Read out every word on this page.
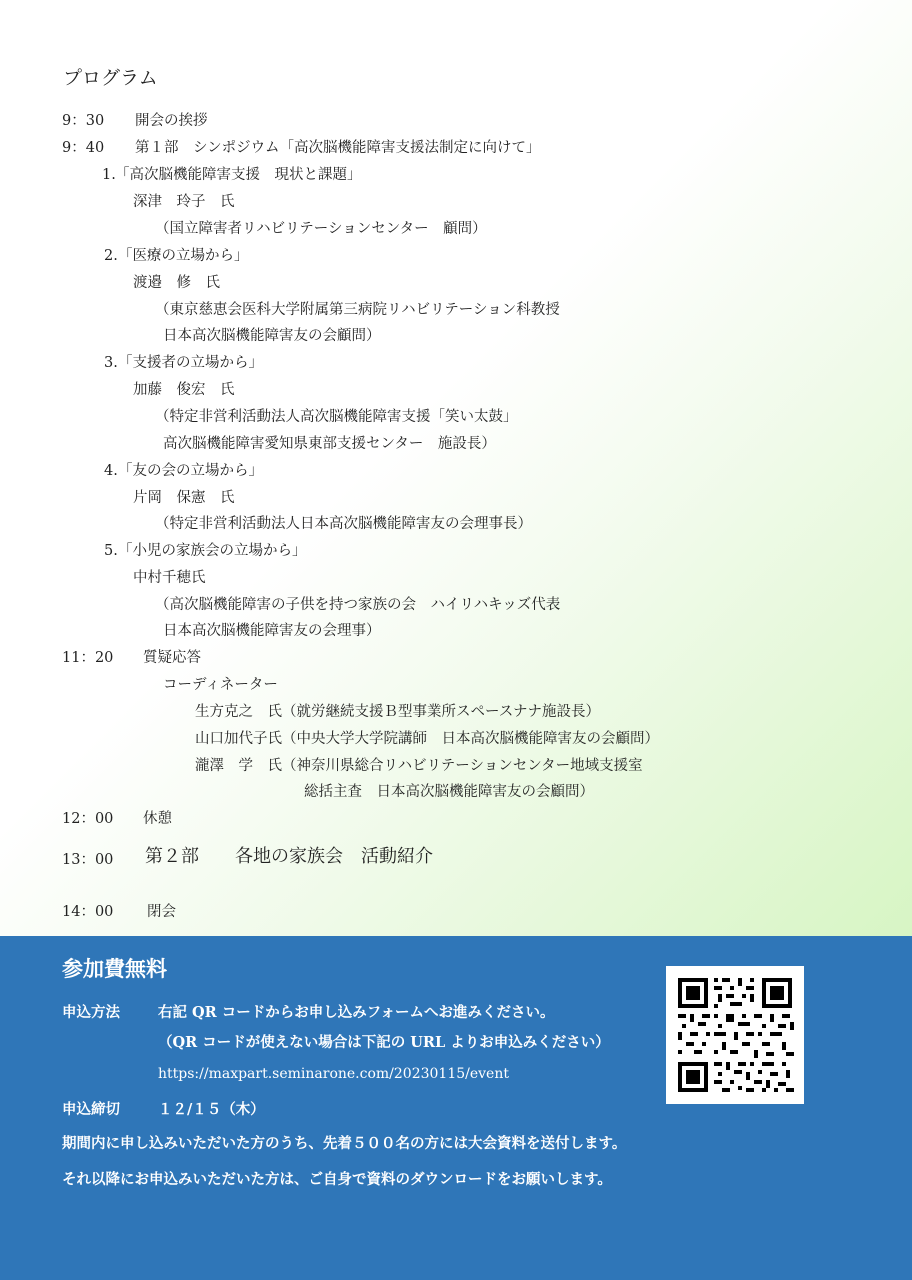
プログラム
9：30 開会の挨拶
9：40 第１部　シンポジウム「高次脳機能障害支援法制定に向けて」
1. 「高次脳機能障害支援　現状と課題」
深津　玲子　氏
（国立障害者リハビリテーションセンター　顧問）
2. 「医療の立場から」
渡邉　修　氏
（東京慈恵会医科大学附属第三病院リハビリテーション科教授
日本高次脳機能障害友の会顧問）
3. 「支援者の立場から」
加藤　俊宏　氏
（特定非営利活動法人高次脳機能障害支援「笑い太鼓」
高次脳機能障害愛知県東部支援センター　施設長）
4. 「友の会の立場から」
片岡　保憲　氏
（特定非営利活動法人日本高次脳機能障害友の会理事長）
5. 「小児の家族会の立場から」
中村千穂氏
（高次脳機能障害の子供を持つ家族の会　ハイリハキッズ代表
日本高次脳機能障害友の会理事）
11：20 質疑応答
コーディネーター
生方克之　氏（就労継続支援Ｂ型事業所スペースナナ施設長）
山口加代子氏（中央大学大学院講師　日本高次脳機能障害友の会顧問）
瀧澤　学　氏（神奈川県総合リハビリテーションセンター地域支援室
総括主査　日本高次脳機能障害友の会顧問）
12：00 休憩
13：00 第２部　　各地の家族会　活動紹介
14：00 閉会
参加費無料
申込方法	右記 QR コードからお申し込みフォームへお進みください。
（QR コードが使えない場合は下記の URL よりお申込みください）
https://maxpart.seminarone.com/20230115/event
申込締切	１２/１５（木）
期間内に申し込みいただいた方のうち、先着５００名の方には大会資料を送付します。
それ以降にお申込みいただいた方は、ご自身で資料のダウンロードをお願いします。
